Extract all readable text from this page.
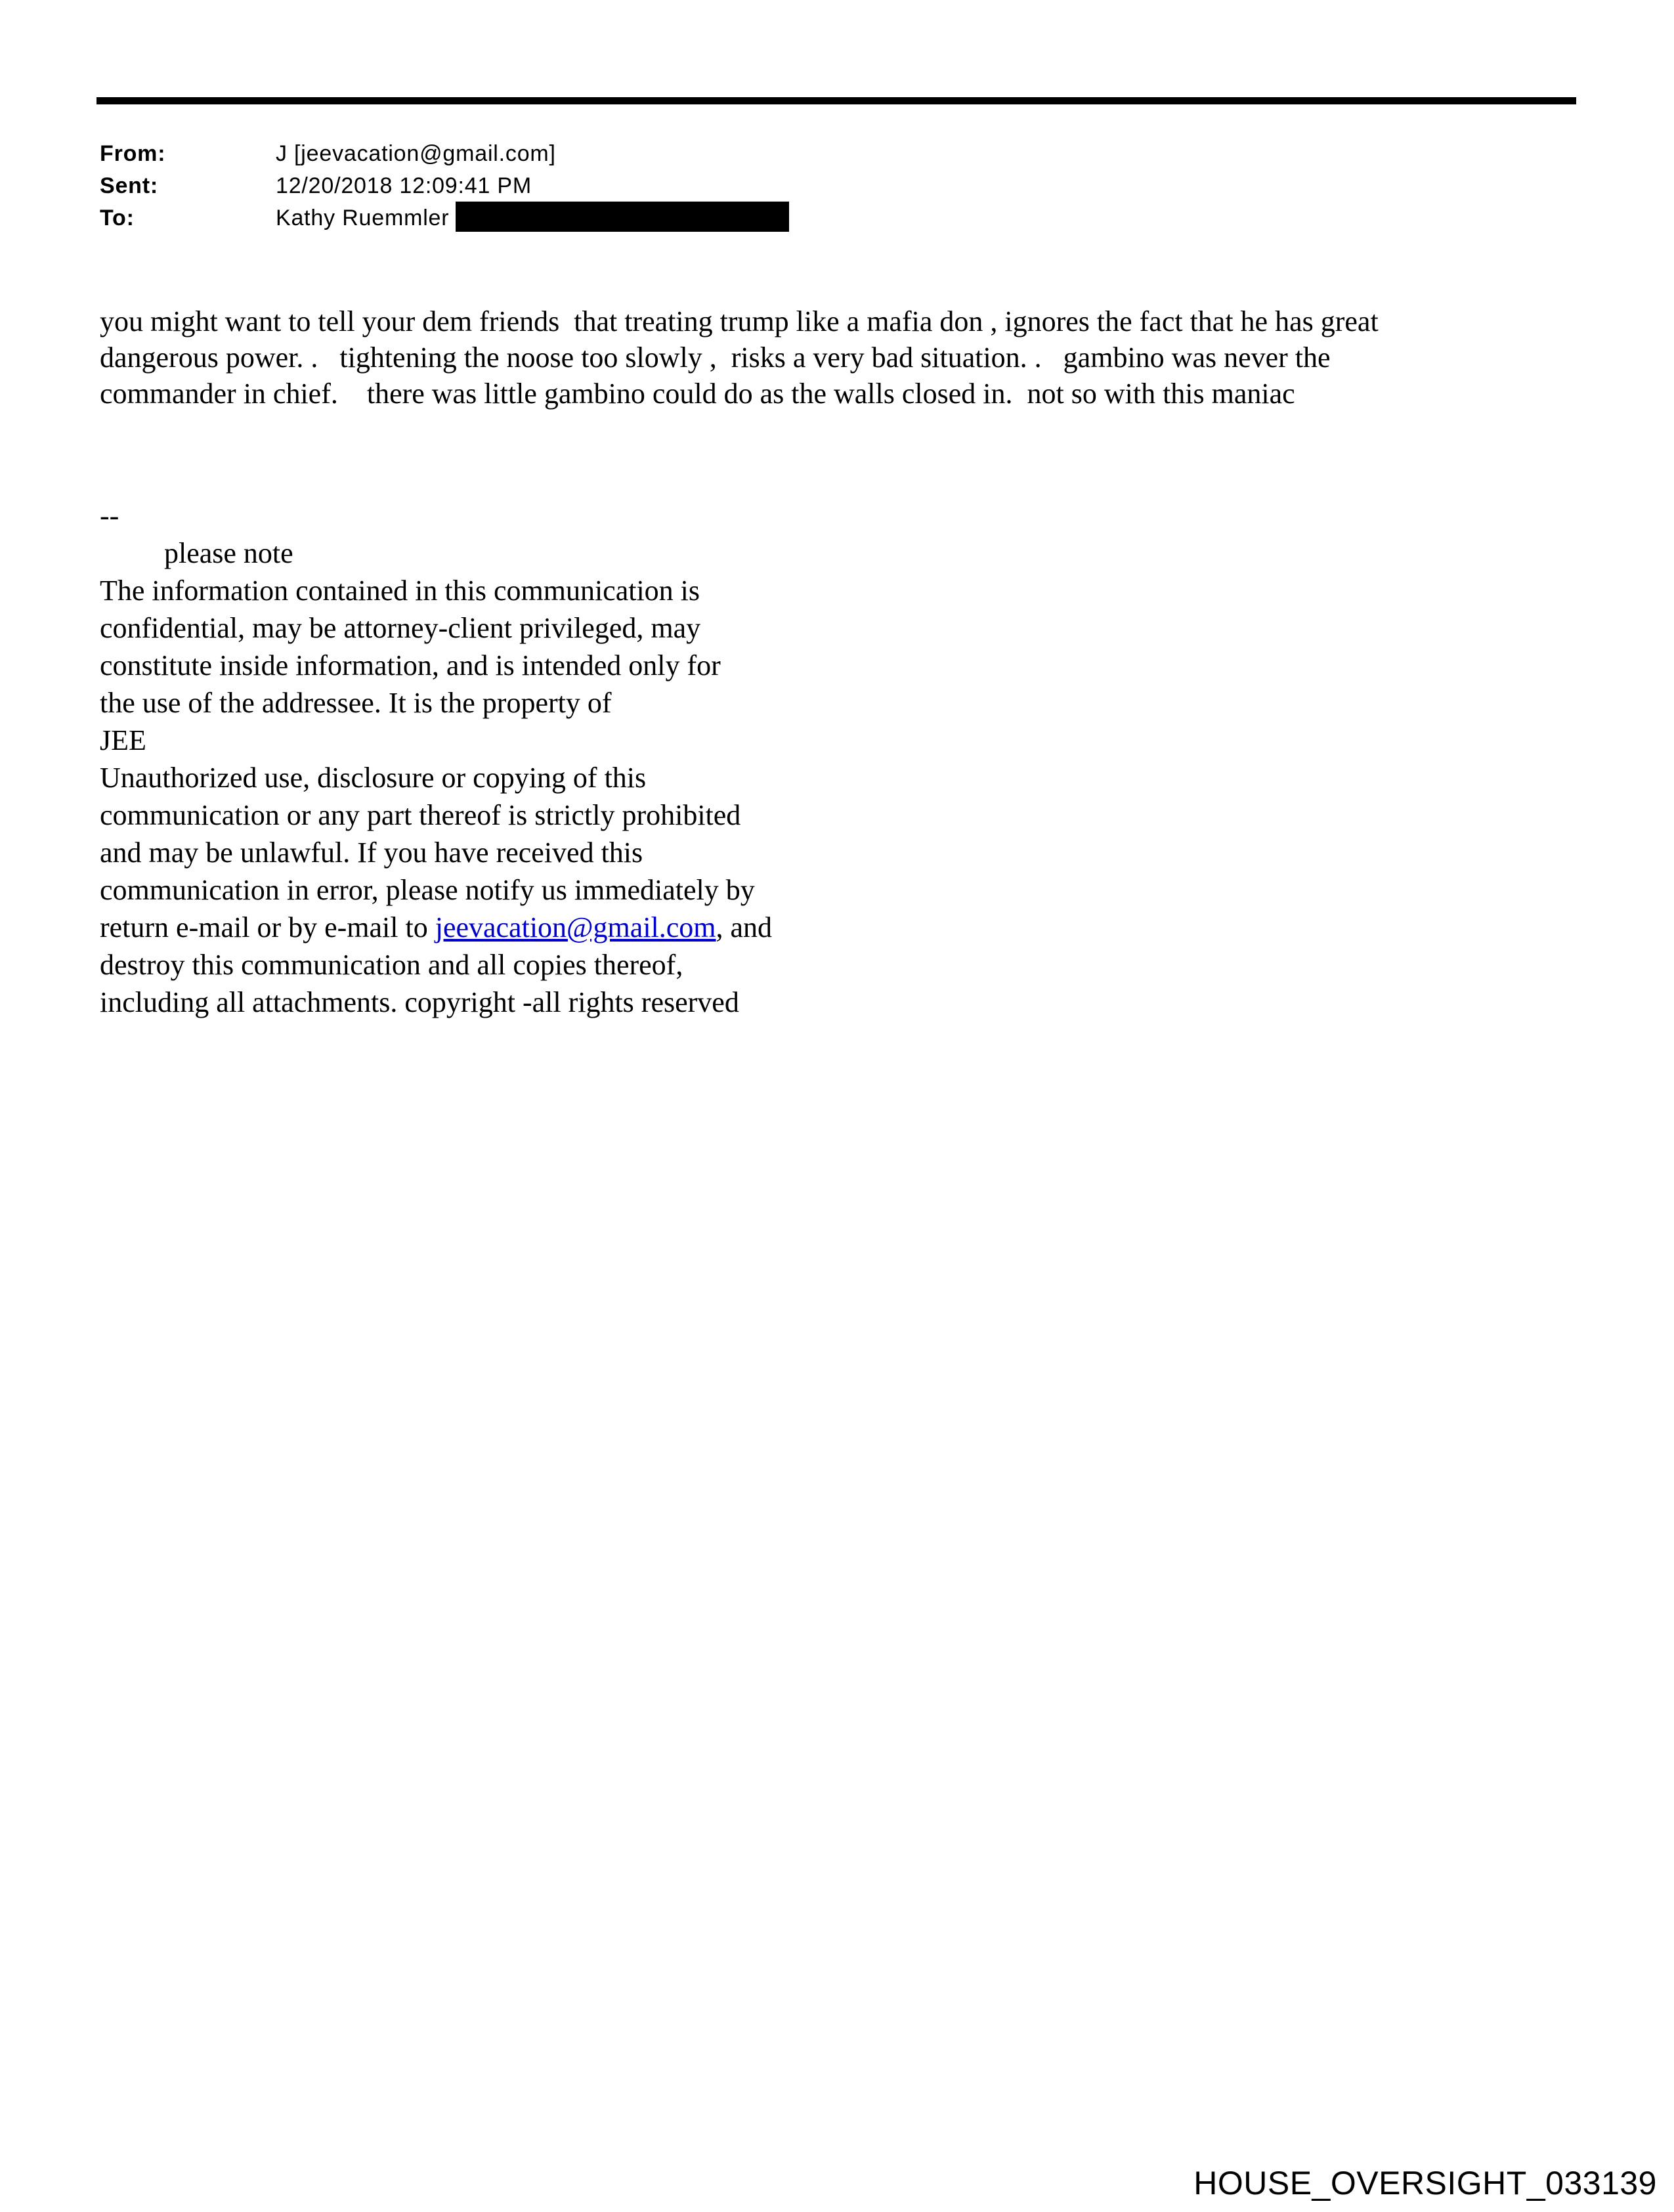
From:	J [jeevacation@gmail.com]
Sent:	12/20/2018 12:09:41 PM
To:	Kathy Ruemmler
you might want to tell your dem friends  that treating trump like a mafia don , ignores the fact that he has great
dangerous power. .   tightening the noose too slowly ,  risks a very bad situation. .   gambino was never the
commander in chief.    there was little gambino could do as the walls closed in.  not so with this maniac
--
please note
The information contained in this communication is
confidential, may be attorney-client privileged, may
constitute inside information, and is intended only for
the use of the addressee. It is the property of
JEE
Unauthorized use, disclosure or copying of this
communication or any part thereof is strictly prohibited
and may be unlawful. If you have received this
communication in error, please notify us immediately by
return e-mail or by e-mail to jeevacation@gmail.com, and
destroy this communication and all copies thereof,
including all attachments. copyright -all rights reserved
HOUSE_OVERSIGHT_033139
